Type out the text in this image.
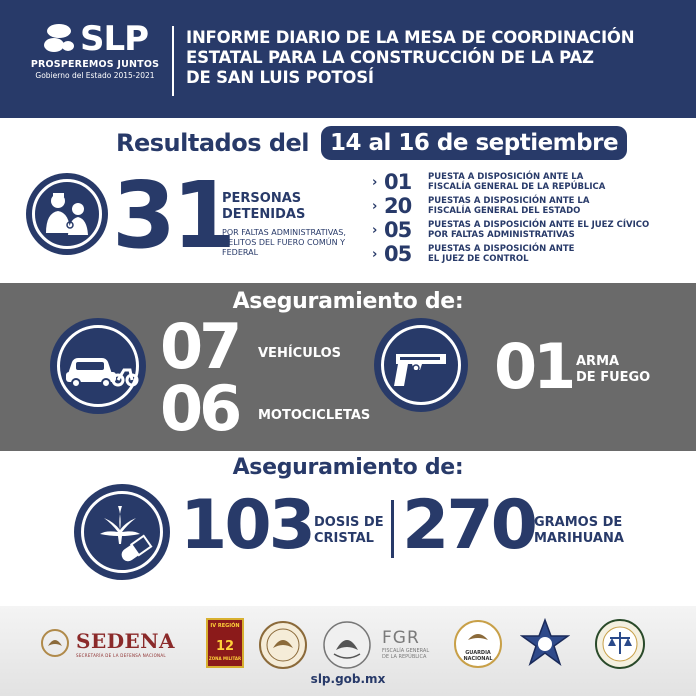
SLP
PROSPEREMOS JUNTOS
Gobierno del Estado 2015-2021
INFORME DIARIO DE LA MESA DE COORDINACIÓN
ESTATAL PARA LA CONSTRUCCIÓN DE LA PAZ
DE SAN LUIS POTOSÍ
Resultados del 14 al 16 de septiembre
31
PERSONAS
DETENIDAS
POR FALTAS ADMINISTRATIVAS,
DELITOS DEL FUERO COMÚN Y
FEDERAL
› 01	PUESTA A DISPOSICIÓN ANTE LA
FISCALÍA GENERAL DE LA REPÚBLICA
› 20	PUESTAS A DISPOSICIÓN ANTE LA
FISCALÍA GENERAL DEL ESTADO
› 05	PUESTAS A DISPOSICIÓN ANTE EL JUEZ CÍVICO
POR FALTAS ADMINISTRATIVAS
› 05	PUESTAS A DISPOSICIÓN ANTE
EL JUEZ DE CONTROL
Aseguramiento de:
07 VEHÍCULOS
06 MOTOCICLETAS
01 ARMA
DE FUEGO
Aseguramiento de:
103 DOSIS DE
CRISTAL 270 GRAMOS DE
MARIHUANA
SEDENA
SECRETARÍA DE LA DEFENSA NACIONAL
IV REGIÓN
12
ZONA MILITAR
FGR
FISCALÍA GENERAL
DE LA REPÚBLICA
GUARDIA
NACIONAL
slp.gob.mx
